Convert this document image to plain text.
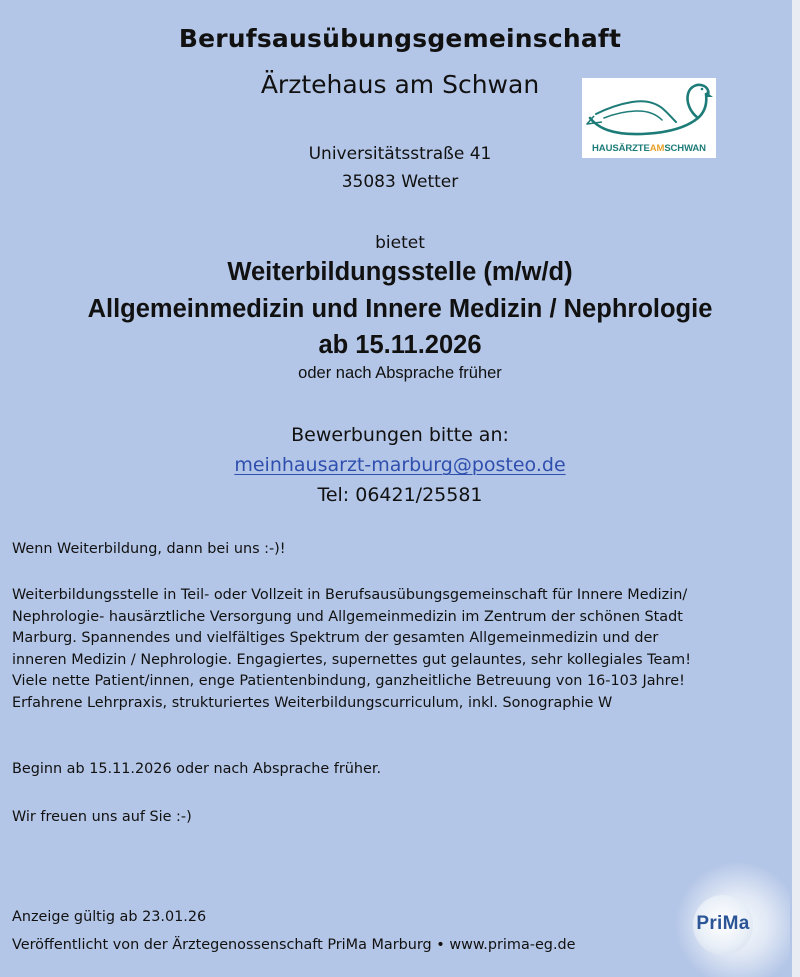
Berufsausübungsgemeinschaft
Ärztehaus am Schwan
HAUSÄRZTEAMSCHWAN
Universitätsstraße 41
35083 Wetter
bietet
Weiterbildungsstelle (m/w/d)
Allgemeinmedizin und Innere Medizin / Nephrologie
ab 15.11.2026
oder nach Absprache früher
Bewerbungen bitte an:
meinhausarzt-marburg@posteo.de
Tel: 06421/25581
Wenn Weiterbildung, dann bei uns :-)!
Weiterbildungsstelle in Teil- oder Vollzeit in Berufsausübungsgemeinschaft für Innere Medizin/
Nephrologie- hausärztliche Versorgung und Allgemeinmedizin im Zentrum der schönen Stadt
Marburg. Spannendes und vielfältiges Spektrum der gesamten Allgemeinmedizin und der
inneren Medizin / Nephrologie. Engagiertes, supernettes gut gelauntes, sehr kollegiales Team!
Viele nette Patient/innen, enge Patientenbindung, ganzheitliche Betreuung von 16-103 Jahre!
Erfahrene Lehrpraxis, strukturiertes Weiterbildungscurriculum, inkl. Sonographie W
Beginn ab 15.11.2026 oder nach Absprache früher.
Wir freuen uns auf Sie :-)
Anzeige gültig ab 23.01.26
Veröffentlicht von der Ärztegenossenschaft PriMa Marburg • www.prima-eg.de
PriMa
